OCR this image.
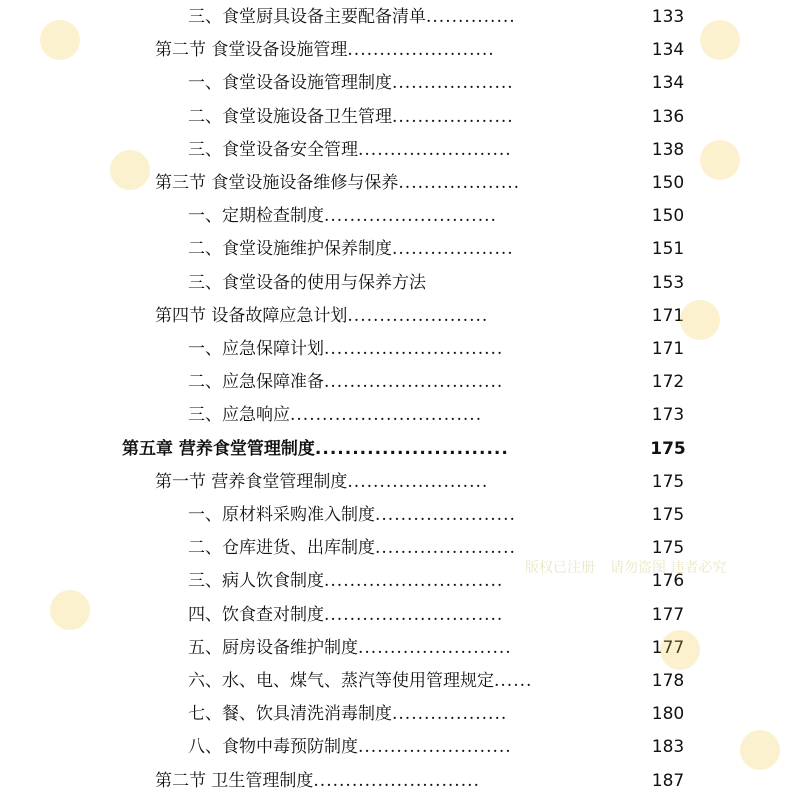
三、食堂厨具设备主要配备清单..............	133
第二节 食堂设备设施管理.......................	134
一、食堂设备设施管理制度...................	134
二、食堂设施设备卫生管理...................	136
三、食堂设备安全管理........................	138
第三节 食堂设施设备维修与保养...................	150
一、定期检查制度...........................	150
二、食堂设施维护保养制度...................	151
三、食堂设备的使用与保养方法	153
第四节 设备故障应急计划......................	171
一、应急保障计划............................	171
二、应急保障准备............................	172
三、应急响应..............................	173
第五章 营养食堂管理制度..........................	175
第一节 营养食堂管理制度......................	175
一、原材料采购准入制度......................	175
二、仓库进货、出库制度......................	175
三、病人饮食制度............................	176
四、饮食查对制度............................	177
五、厨房设备维护制度........................	177
六、水、电、煤气、蒸汽等使用管理规定......	178
七、餐、饮具清洗消毒制度..................	180
八、食物中毒预防制度........................	183
第二节 卫生管理制度..........................	187
版权已注册 请勿盗图 违者必究
